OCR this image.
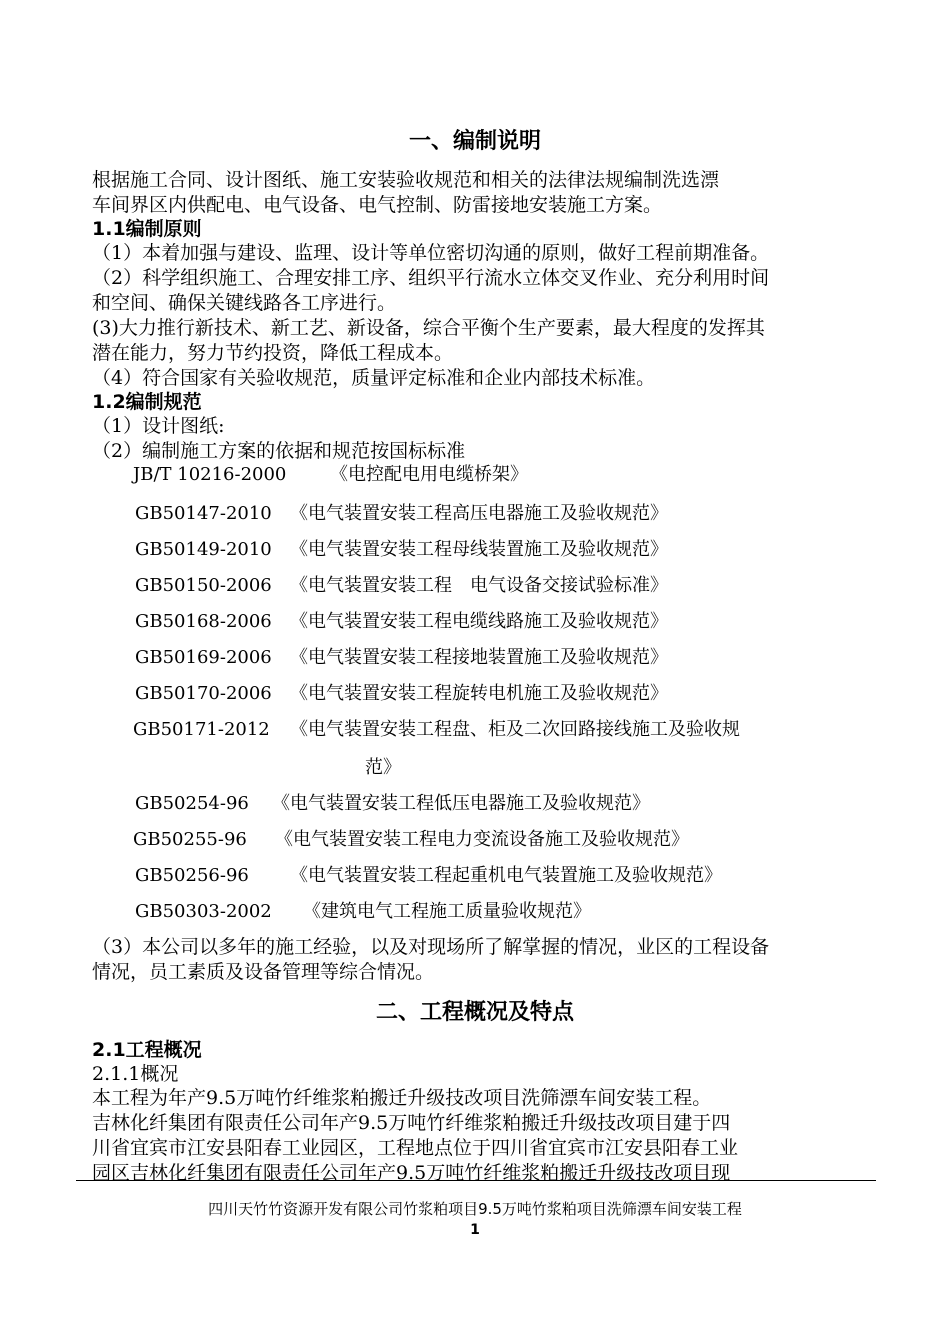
一、编制说明
根据施工合同、设计图纸、施工安装验收规范和相关的法律法规编制洗选漂
车间界区内供配电、电气设备、电气控制、防雷接地安装施工方案。
1.1编制原则
（1）本着加强与建设、监理、设计等单位密切沟通的原则，做好工程前期准备。
（2）科学组织施工、合理安排工序、组织平行流水立体交叉作业、充分利用时间
和空间、确保关键线路各工序进行。
(3)大力推行新技术、新工艺、新设备，综合平衡个生产要素，最大程度的发挥其
潜在能力，努力节约投资，降低工程成本。
（4）符合国家有关验收规范，质量评定标准和企业内部技术标准。
1.2编制规范
（1）设计图纸:
（2）编制施工方案的依据和规范按国标标准
JB/T 10216-2000 《电控配电用电缆桥架》
GB50147-2010 《电气装置安装工程高压电器施工及验收规范》
GB50149-2010 《电气装置安装工程母线装置施工及验收规范》
GB50150-2006 《电气装置安装工程　电气设备交接试验标准》
GB50168-2006 《电气装置安装工程电缆线路施工及验收规范》
GB50169-2006 《电气装置安装工程接地装置施工及验收规范》
GB50170-2006 《电气装置安装工程旋转电机施工及验收规范》
GB50171-2012 《电气装置安装工程盘、柜及二次回路接线施工及验收规
范》
GB50254-96 《电气装置安装工程低压电器施工及验收规范》
GB50255-96 《电气装置安装工程电力变流设备施工及验收规范》
GB50256-96 《电气装置安装工程起重机电气装置施工及验收规范》
GB50303-2002 《建筑电气工程施工质量验收规范》
（3）本公司以多年的施工经验，以及对现场所了解掌握的情况，业区的工程设备
情况，员工素质及设备管理等综合情况。
二、工程概况及特点
2.1工程概况
2.1.1概况
本工程为年产9.5万吨竹纤维浆粕搬迁升级技改项目洗筛漂车间安装工程。
吉林化纤集团有限责任公司年产9.5万吨竹纤维浆粕搬迁升级技改项目建于四
川省宜宾市江安县阳春工业园区，工程地点位于四川省宜宾市江安县阳春工业
园区吉林化纤集团有限责任公司年产9.5万吨竹纤维浆粕搬迁升级技改项目现
四川天竹竹资源开发有限公司竹浆粕项目9.5万吨竹浆粕项目洗筛漂车间安装工程
1
